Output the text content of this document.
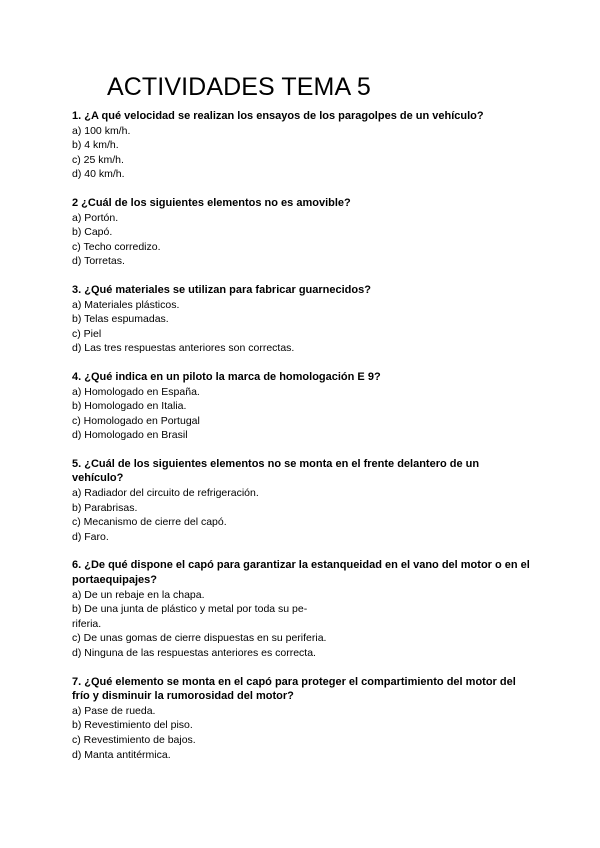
ACTIVIDADES TEMA 5

1. ¿A qué velocidad se realizan los ensayos de los paragolpes de un vehículo?

a) 100 km/h.

b) 4 km/h.

c) 25 km/h.

d) 40 km/h.

2 ¿Cuál de los siguientes elementos no es amovible?

a) Portón.

b) Capó.

c) Techo corredizo.

d) Torretas.

3. ¿Qué materiales se utilizan para fabricar guarnecidos?

a) Materiales plásticos.

b) Telas espumadas.

c) Piel

d) Las tres respuestas anteriores son correctas.

4. ¿Qué indica en un piloto la marca de homologación E 9?

a) Homologado en España.

b) Homologado en Italia.

c) Homologado en Portugal

d) Homologado en Brasil

5. ¿Cuál de los siguientes elementos no se monta en el frente delantero de un vehículo?

a) Radiador del circuito de refrigeración.

b) Parabrisas.

c) Mecanismo de cierre del capó.

d) Faro.

6. ¿De qué dispone el capó para garantizar la estanqueidad en el vano del motor o en el portaequipajes?

a) De un rebaje en la chapa.

b) De una junta de plástico y metal por toda su pe-

riferia.

c) De unas gomas de cierre dispuestas en su periferia.

d) Ninguna de las respuestas anteriores es correcta.

7. ¿Qué elemento se monta en el capó para proteger el compartimiento del motor del frío y disminuir la rumorosidad del motor?

a) Pase de rueda.

b) Revestimiento del piso.

c) Revestimiento de bajos.

d) Manta antitérmica.
